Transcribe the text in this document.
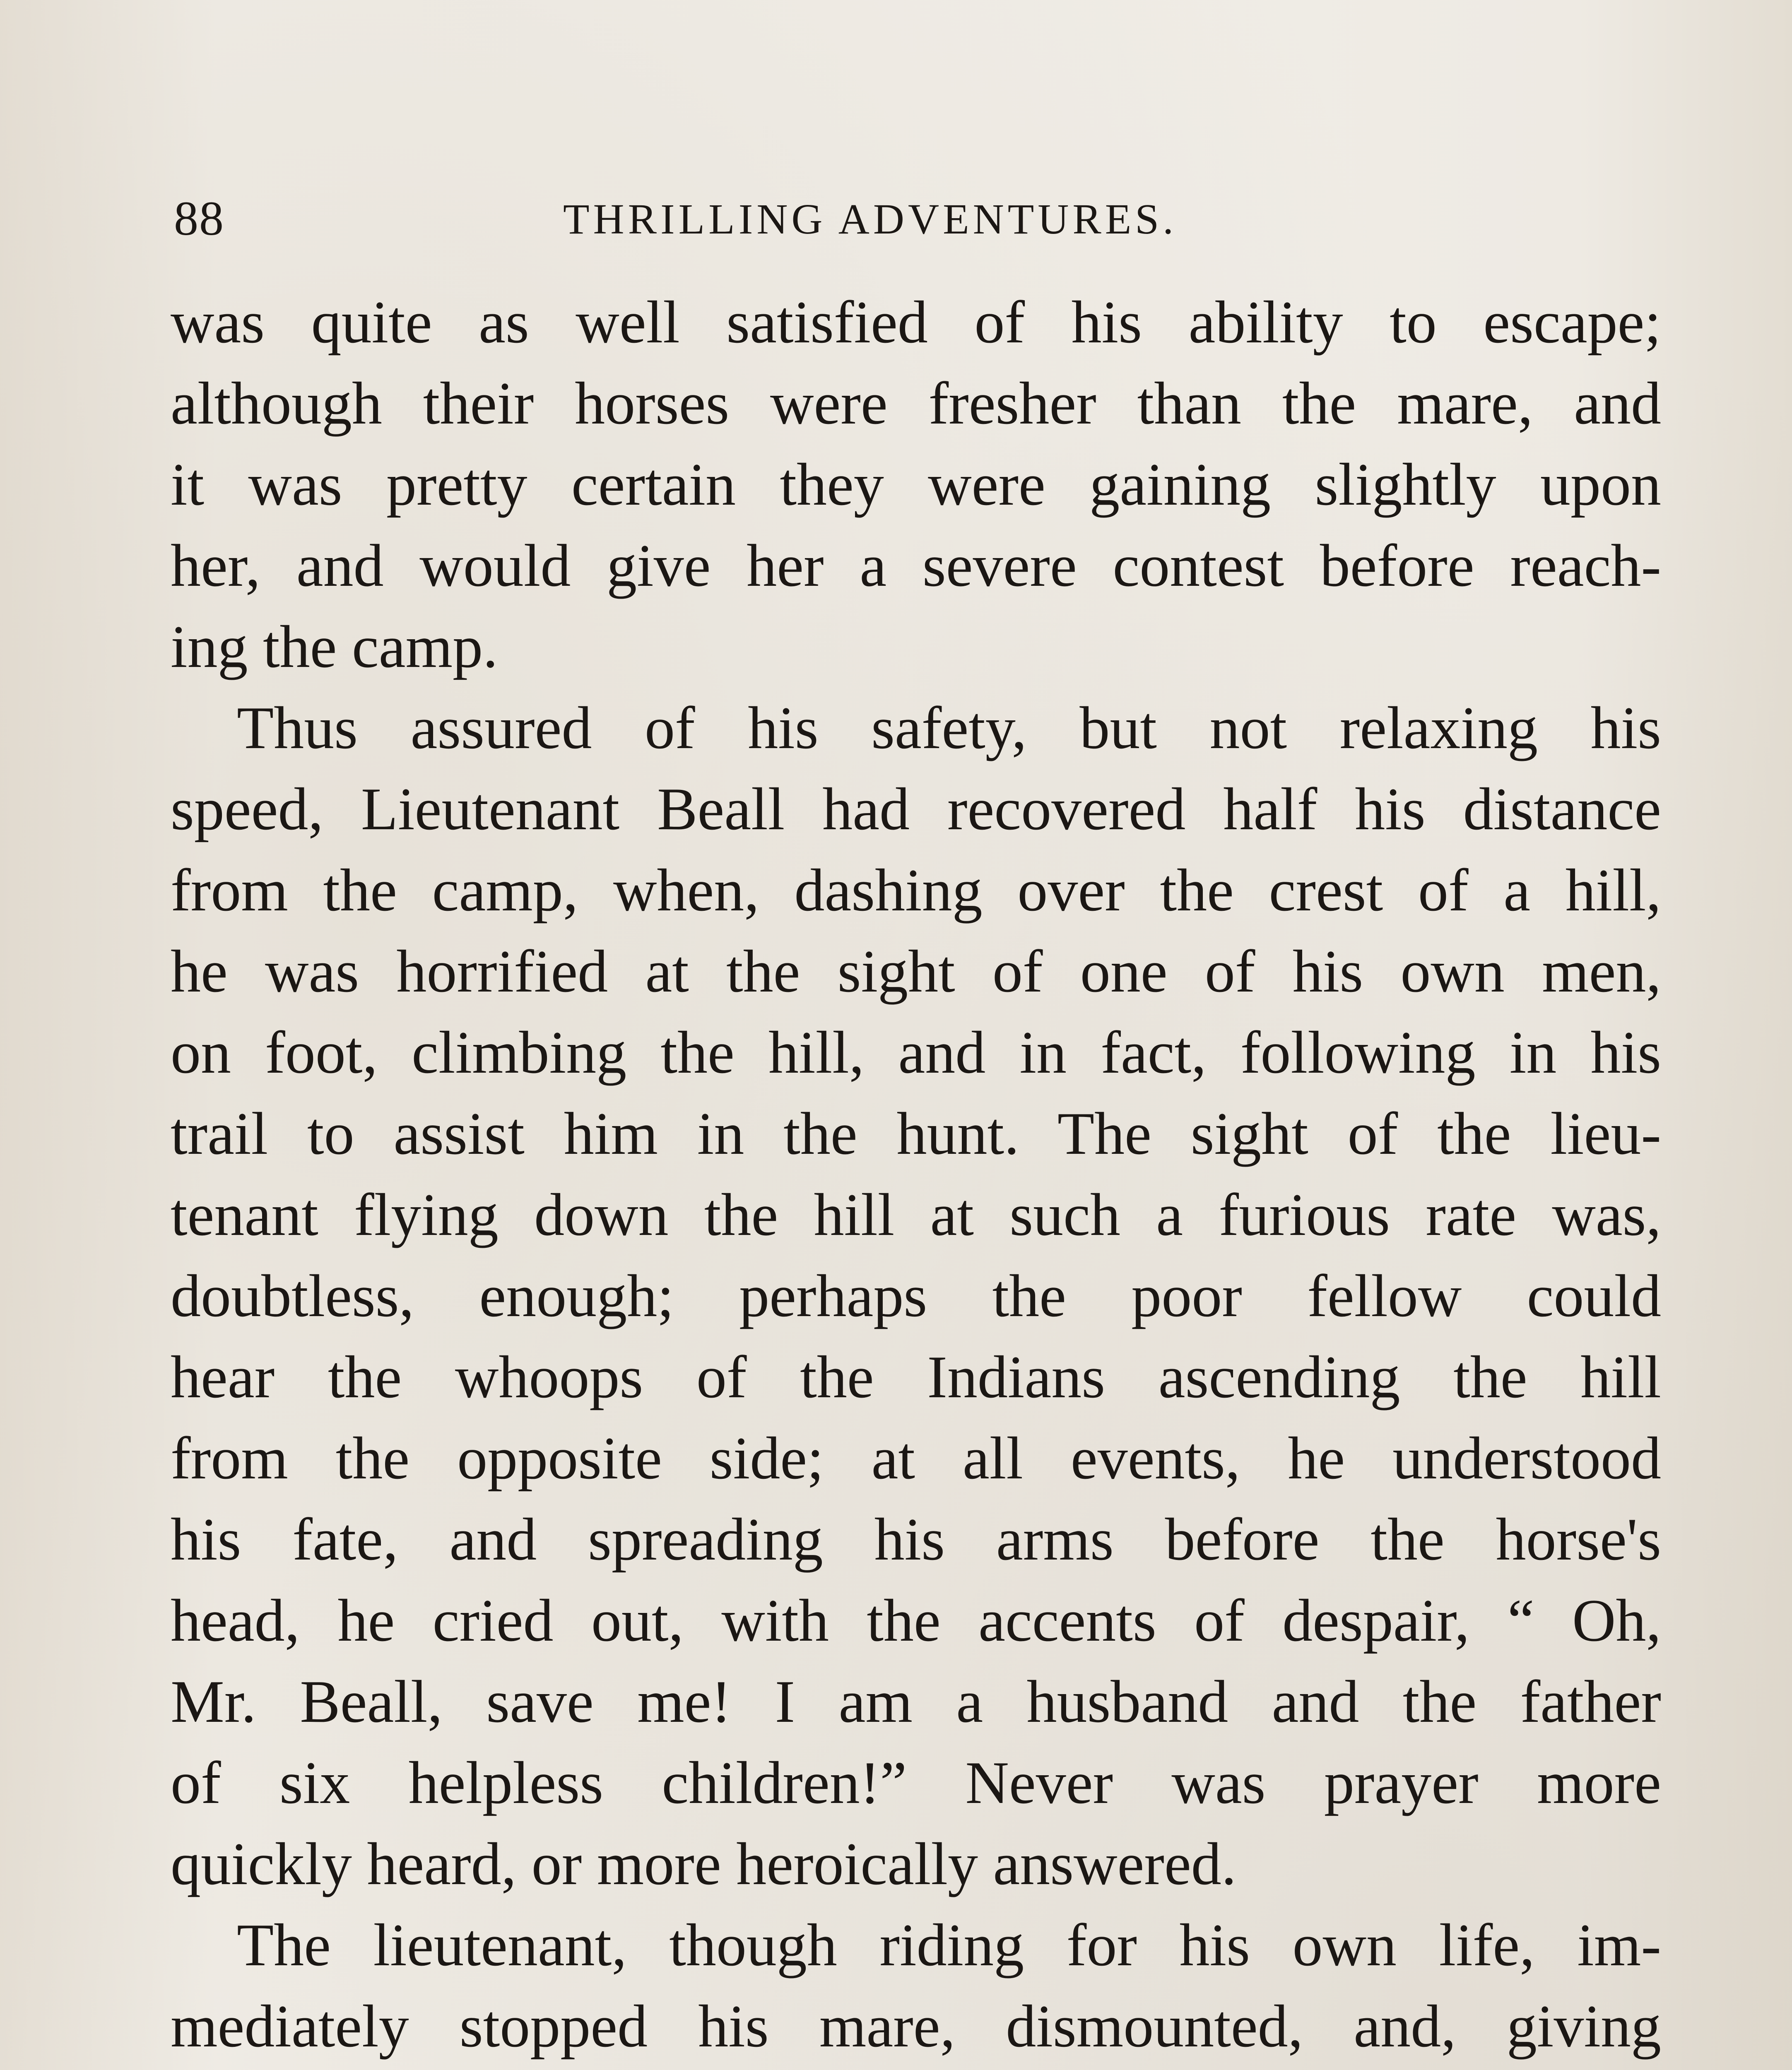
88	THRILLING ADVENTURES.
was quite as well satisfied of his ability to escape;
although their horses were fresher than the mare, and
it was pretty certain they were gaining slightly upon
her, and would give her a severe contest before reach-
ing the camp.
Thus assured of his safety, but not relaxing his
speed, Lieutenant Beall had recovered half his distance
from the camp, when, dashing over the crest of a hill,
he was horrified at the sight of one of his own men,
on foot, climbing the hill, and in fact, following in his
trail to assist him in the hunt. The sight of the lieu-
tenant flying down the hill at such a furious rate was,
doubtless, enough; perhaps the poor fellow could
hear the whoops of the Indians ascending the hill
from the opposite side; at all events, he understood
his fate, and spreading his arms before the horse's
head, he cried out, with the accents of despair, “ Oh,
Mr. Beall, save me! I am a husband and the father
of six helpless children!” Never was prayer more
quickly heard, or more heroically answered.
The lieutenant, though riding for his own life, im-
mediately stopped his mare, dismounted, and, giving
